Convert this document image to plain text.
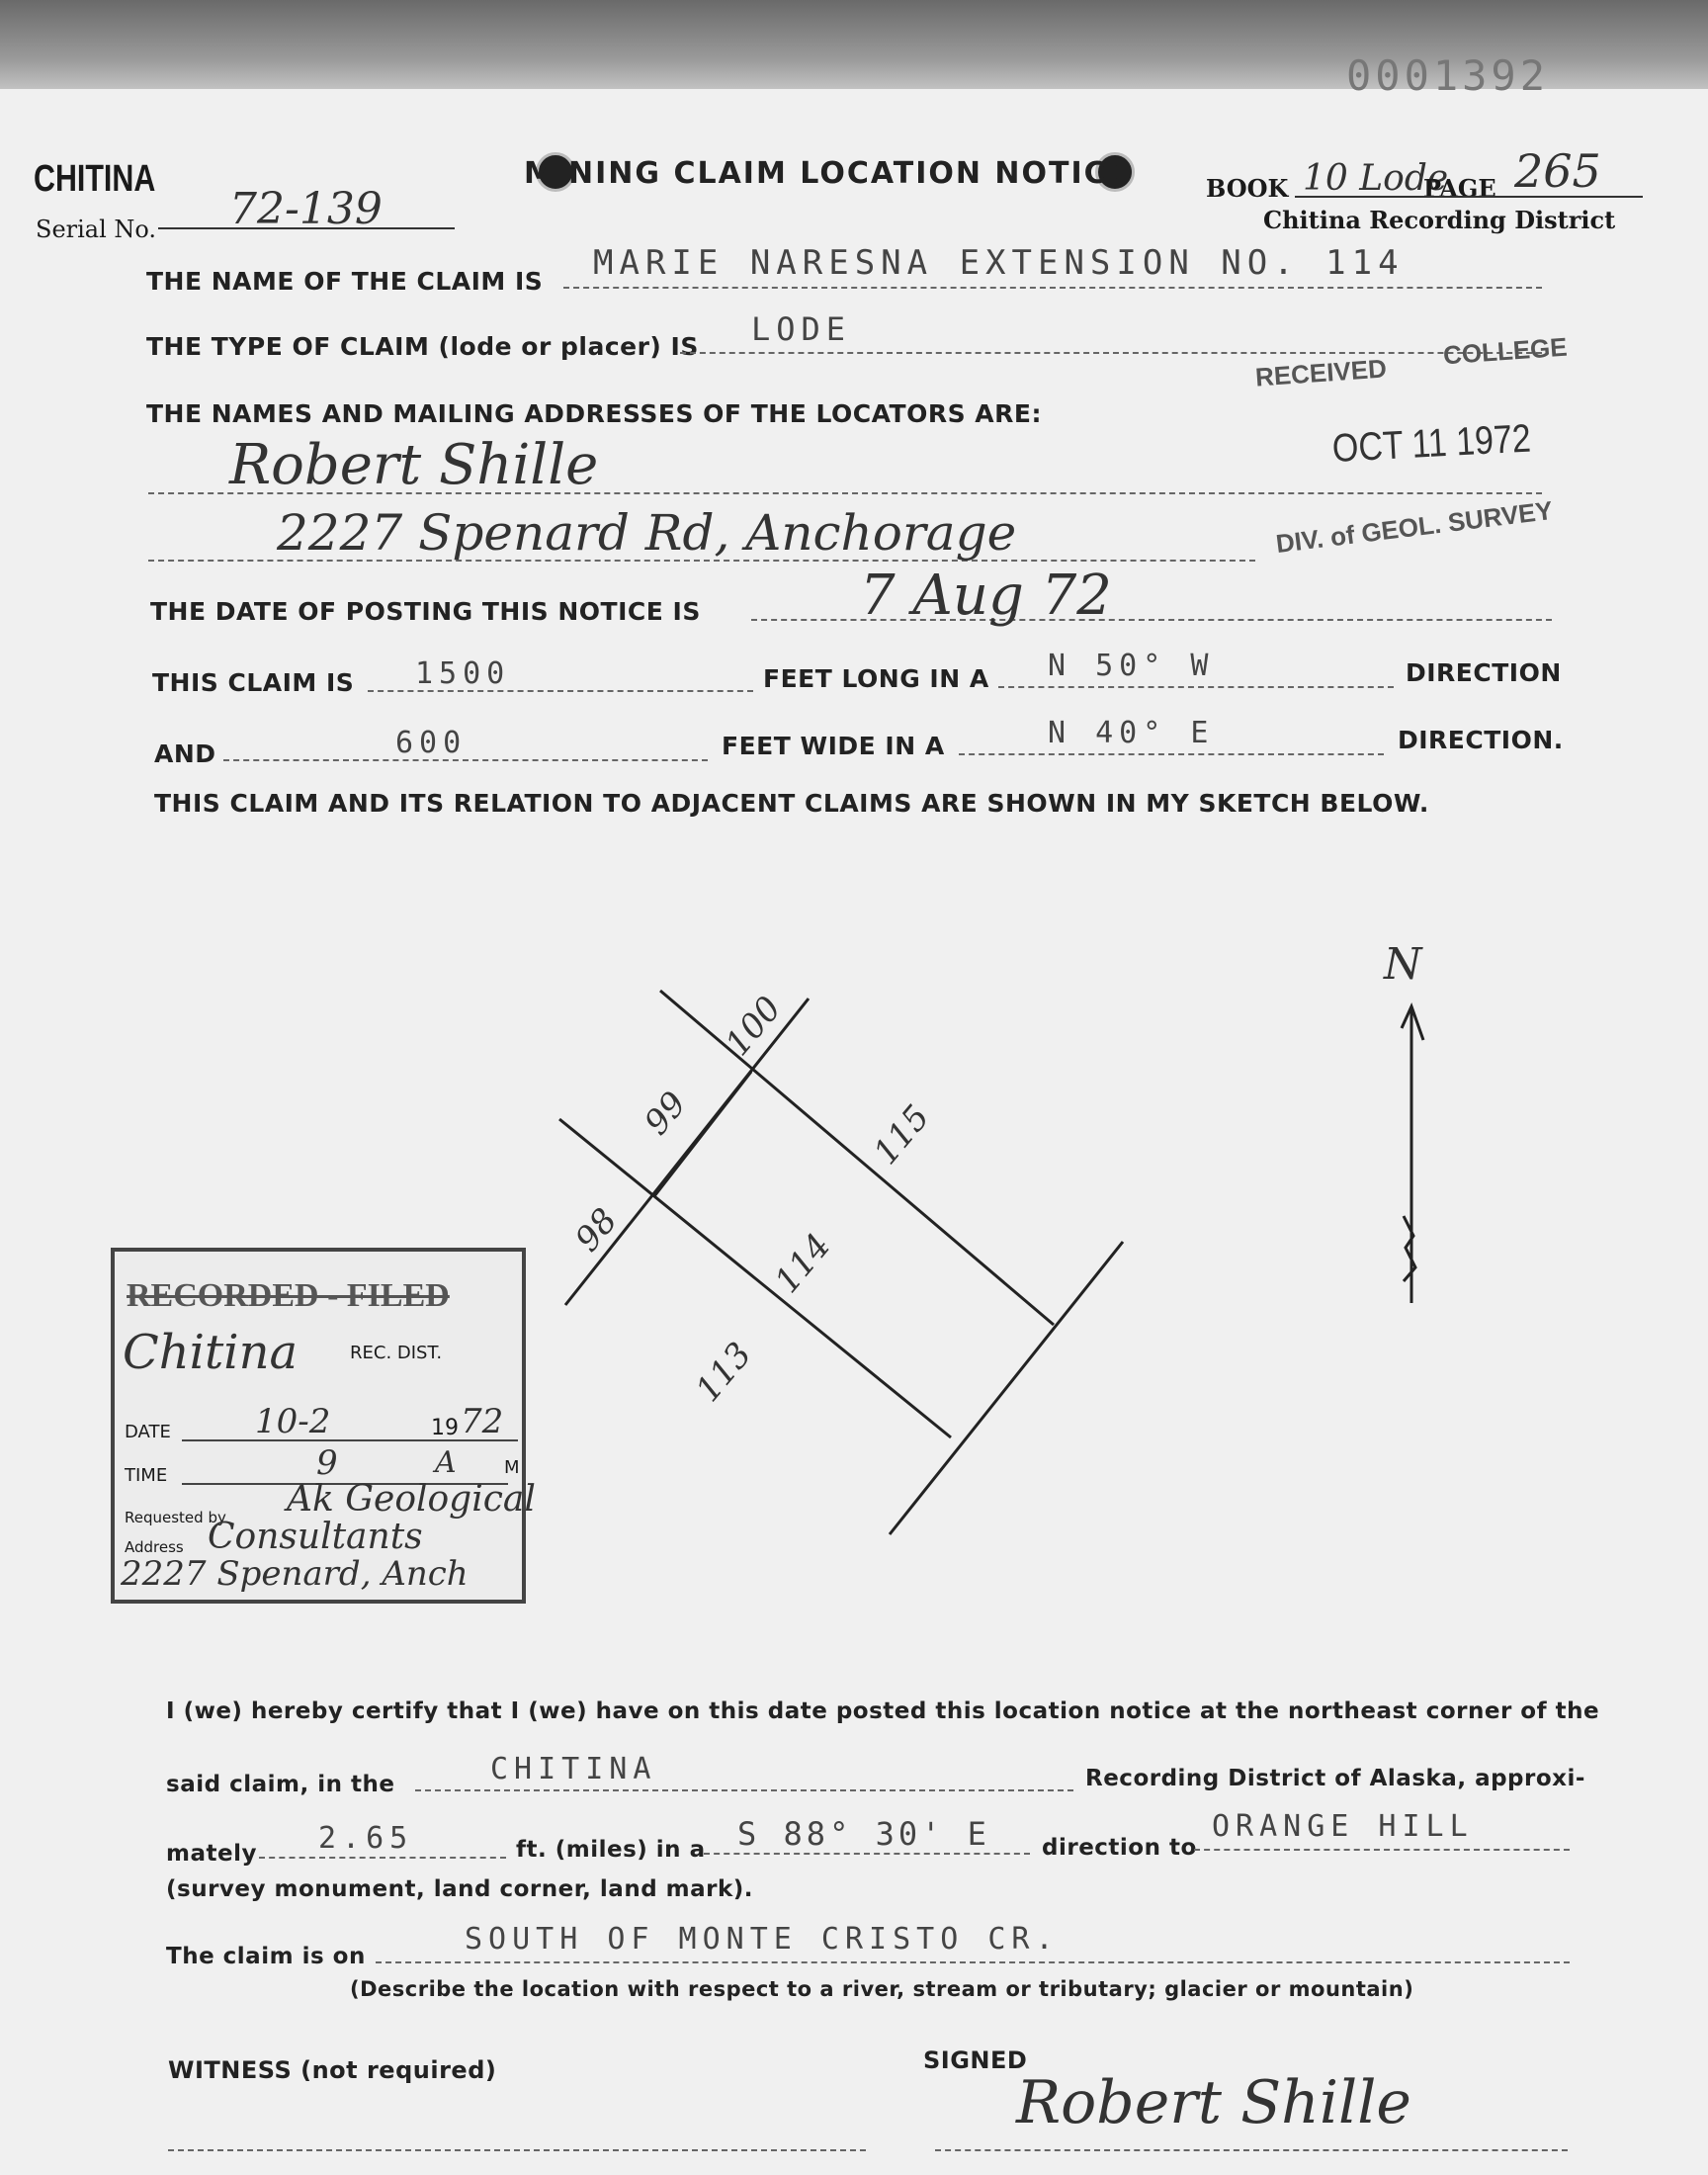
0001392
CHITINA
Serial No. 72-139
MINING CLAIM LOCATION NOTICE	BOOK 10 Lode
PAGE 265
Chitina Recording District
THE NAME OF THE CLAIM IS MARIE NARESNA EXTENSION NO. 114
THE TYPE OF CLAIM (lode or placer) IS LODE
THE NAMES AND MAILING ADDRESSES OF THE LOCATORS ARE:
Robert Shille
2227 Spenard Rd, Anchorage
RECEIVED
COLLEGE
OCT 11 1972
DIV. of GEOL. SURVEY
THE DATE OF POSTING THIS NOTICE IS	7 Aug 72
THIS CLAIM IS 1500	FEET LONG IN A N 50° W	DIRECTION
AND	600	FEET WIDE IN A	N 40° E	DIRECTION.
THIS CLAIM AND ITS RELATION TO ADJACENT CLAIMS ARE SHOWN IN MY SKETCH BELOW.
100
99
98
115
114
113
N
RECORDED - FILED
Chitina	REC. DIST.
DATE	10-2	19 72
TIME	9	A	M
Requested by Ak Geological
Address Consultants
2227 Spenard, Anch
I (we) hereby certify that I (we) have on this date posted this location notice at the northeast corner of the
said claim, in the	CHITINA	Recording District of Alaska, approxi-
mately 2.65	ft. (miles) in a S 88° 30' E direction to
ORANGE HILL
(survey monument, land corner, land mark).
The claim is on	SOUTH OF MONTE CRISTO CR.
(Describe the location with respect to a river, stream or tributary; glacier or mountain)
WITNESS (not required)	SIGNED
Robert Shille
